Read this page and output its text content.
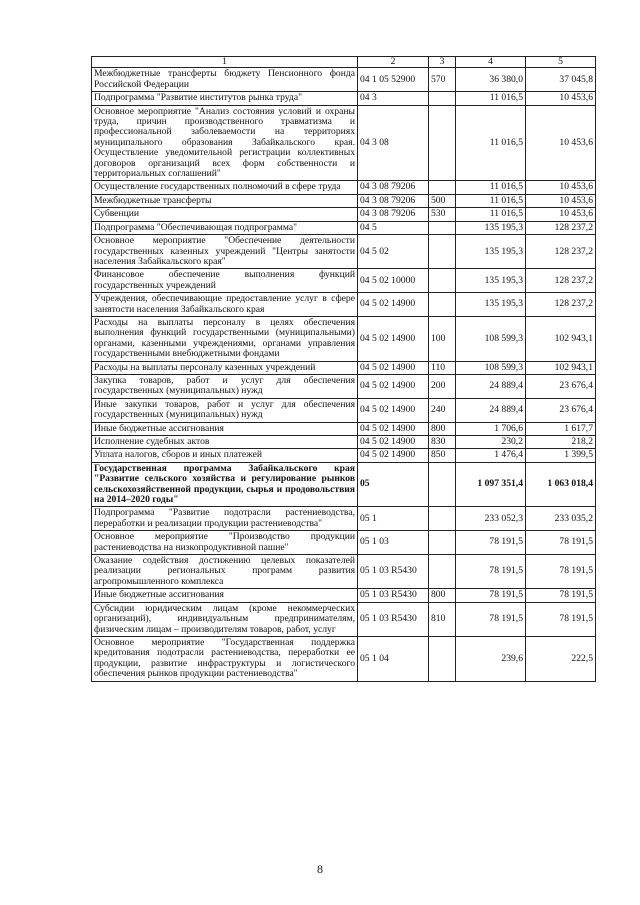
1	2	3	4	5
Межбюджетные трансферты бюджету Пенсионного фонда Российской Федерации	04 1 05 52900	570	36 380,0	37 045,8
Подпрограмма "Развитие институтов рынка труда"	04 3		11 016,5	10 453,6
Основное мероприятие "Анализ состояния условий и охраны труда, причин производственного травматизма и профессиональной заболеваемости на территориях муниципального образования Забайкальского края. Осуществление уведомительной регистрации коллективных договоров организаций всех форм собственности и территориальных соглашений"	04 3 08		11 016,5	10 453,6
Осуществление государственных полномочий в сфере труда	04 3 08 79206		11 016,5	10 453,6
Межбюджетные трансферты	04 3 08 79206	500	11 016,5	10 453,6
Субвенции	04 3 08 79206	530	11 016,5	10 453,6
Подпрограмма "Обеспечивающая подпрограмма"	04 5		135 195,3	128 237,2
Основное мероприятие "Обеспечение деятельности государственных казенных учреждений "Центры занятости населения Забайкальского края"	04 5 02		135 195,3	128 237,2
Финансовое обеспечение выполнения функций государственных учреждений	04 5 02 10000		135 195,3	128 237,2
Учреждения, обеспечивающие предоставление услуг в сфере занятости населения Забайкальского края	04 5 02 14900		135 195,3	128 237,2
Расходы на выплаты персоналу в целях обеспечения выполнения функций государственными (муниципальными) органами, казенными учреждениями, органами управления государственными внебюджетными фондами	04 5 02 14900	100	108 599,3	102 943,1
Расходы на выплаты персоналу казенных учреждений	04 5 02 14900	110	108 599,3	102 943,1
Закупка товаров, работ и услуг для обеспечения государственных (муниципальных) нужд	04 5 02 14900	200	24 889,4	23 676,4
Иные закупки товаров, работ и услуг для обеспечения государственных (муниципальных) нужд	04 5 02 14900	240	24 889,4	23 676,4
Иные бюджетные ассигнования	04 5 02 14900	800	1 706,6	1 617,7
Исполнение судебных актов	04 5 02 14900	830	230,2	218,2
Уплата налогов, сборов и иных платежей	04 5 02 14900	850	1 476,4	1 399,5
Государственная программа Забайкальского края "Развитие сельского хозяйства и регулирование рынков сельскохозяйственной продукции, сырья и продовольствия на 2014–2020 годы"	05		1 097 351,4	1 063 018,4
Подпрограмма "Развитие подотрасли растениеводства, переработки и реализации продукции растениеводства"	05 1		233 052,3	233 035,2
Основное мероприятие "Производство продукции растениеводства на низкопродуктивной пашне"	05 1 03		78 191,5	78 191,5
Оказание содействия достижению целевых показателей реализации региональных программ развития агропромышленного комплекса	05 1 03 R5430		78 191,5	78 191,5
Иные бюджетные ассигнования	05 1 03 R5430	800	78 191,5	78 191,5
Субсидии юридическим лицам (кроме некоммерческих организаций), индивидуальным предпринимателям, физическим лицам – производителям товаров, работ, услуг	05 1 03 R5430	810	78 191,5	78 191,5
Основное мероприятие "Государственная поддержка кредитования подотрасли растениеводства, переработки ее продукции, развитие инфраструктуры и логистического обеспечения рынков продукции растениеводства"	05 1 04		239,6	222,5
8
